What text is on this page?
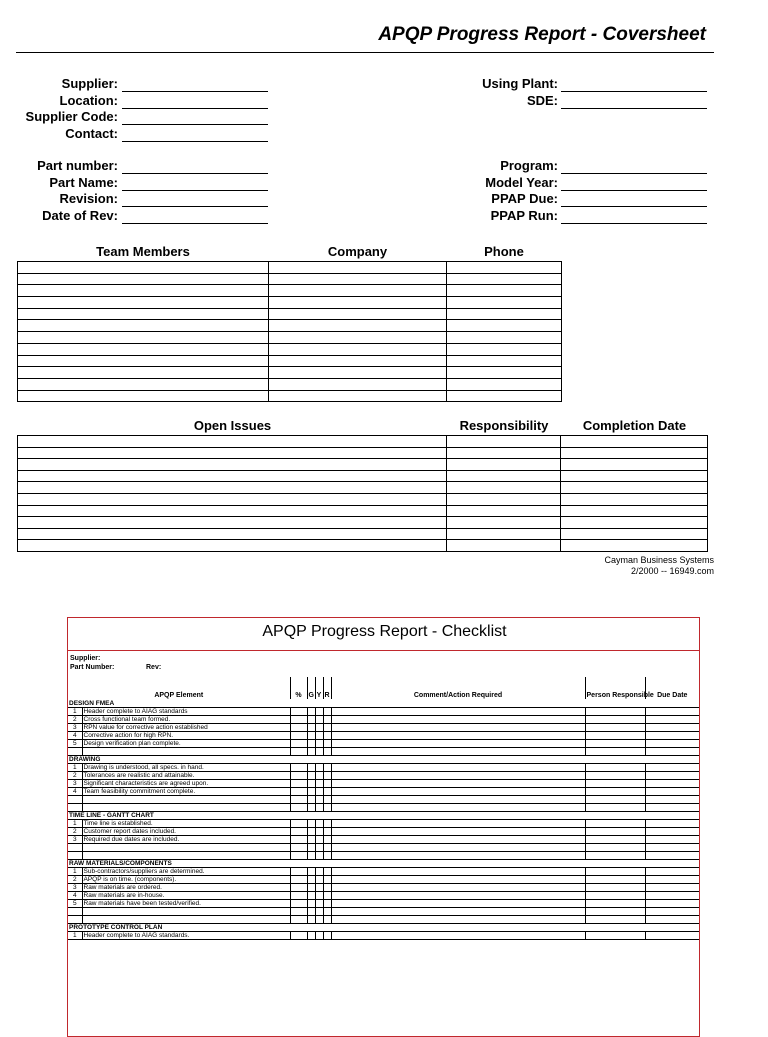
APQP Progress Report - Coversheet
Supplier:
Location:
Supplier Code:
Contact:
Using Plant:
SDE:
Part number:
Part Name:
Revision:
Date of Rev:
Program:
Model Year:
PPAP Due:
PPAP Run:
Team Members	Company	Phone

Open Issues	Responsibility	Completion Date

Cayman Business Systems
2/2000 -- 16949.com
APQP Progress Report - Checklist
Supplier:
Part Number:	Rev:
APQP Element		%	G	Y	R	Comment/Action Required	Person Responsible	Due Date
DESIGN FMEA								
1	Header complete to AIAG standards							
2	Cross functional team formed.							
3	RPN value for corrective action established							
4	Corrective action for high RPN.							
5	Design verification plan complete.							

DRAWING								
1	Drawing is understood, all specs. in hand.							
2	Tolerances are realistic and attainable.							
3	Significant characteristics are agreed upon.							
4	Team feasibility commitment complete.							

TIME LINE - GANTT CHART								
1	Time line is established.							
2	Customer report dates included.							
3	Required due dates are included.							

RAW MATERIALS/COMPONENTS								
1	Sub-contractors/suppliers are determined.							
2	APQP is on time. (components).							
3	Raw materials are ordered.							
4	Raw materials are in-house.							
5	Raw materials have been tested/verified.							

PROTOTYPE CONTROL PLAN								
1	Header complete to AIAG standards.							
